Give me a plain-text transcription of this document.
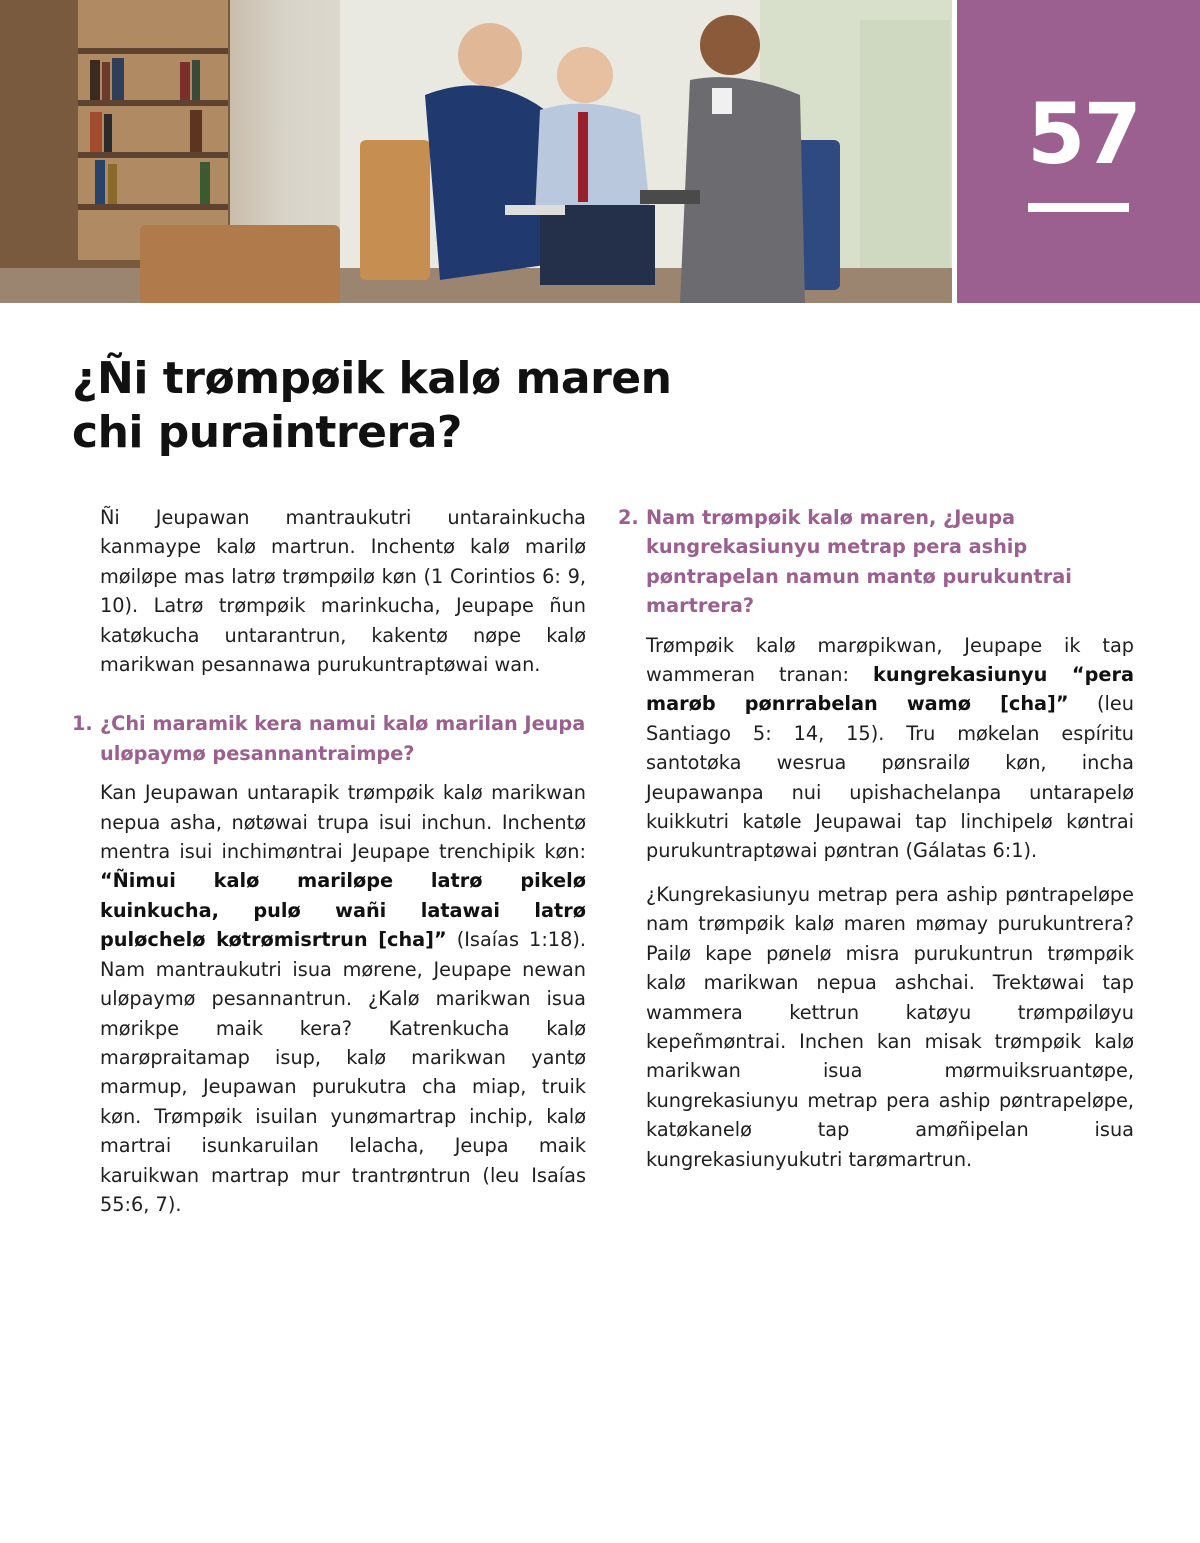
57
¿Ñi trømpøik kalø maren chi puraintrera?

Ñi Jeupawan mantraukutri untarainkucha kanmaype kalø martrun. Inchentø kalø marilø møiløpe mas latrø trømpøilø køn (1 Corintios 6: 9, 10). Latrø trømpøik marinkucha, Jeupape ñun katøkucha untarantrun, kakentø nøpe kalø marikwan pesannawa purukuntraptøwai wan.

1. ¿Chi maramik kera namui kalø marilan Jeupa uløpaymø pesannantraimpe?

Kan Jeupawan untarapik trømpøik kalø marikwan nepua asha, nøtøwai trupa isui inchun. Inchentø mentra isui inchimøntrai Jeupape trenchipik køn: “Ñimui kalø mariløpe latrø pikelø kuinkucha, pulø wañi latawai latrø puløchelø køtrømisrtrun [cha]” (Isaías 1:18). Nam mantraukutri isua mørene, Jeupape newan uløpaymø pesannantrun. ¿Kalø marikwan isua mørikpe maik kera? Katrenkucha kalø marøpraitamap isup, kalø marikwan yantø marmup, Jeupawan purukutra cha miap, truik køn. Trømpøik isuilan yunømartrap inchip, kalø martrai isunkaruilan lelacha, Jeupa maik karuikwan martrap mur trantrøntrun (leu Isaías 55:6, 7).

2. Nam trømpøik kalø maren, ¿Jeupa kungrekasiunyu metrap pera aship pøntrapelan namun mantø purukuntrai martrera?

Trømpøik kalø marøpikwan, Jeupape ik tap wammeran tranan: kungrekasiunyu “pera marøb pønrrabelan wamø [cha]” (leu Santiago 5: 14, 15). Tru møkelan espíritu santotøka wesrua pønsrailø køn, incha Jeupawanpa nui upishachelanpa untarapelø kuikkutri katøle Jeupawai tap linchipelø køntrai purukuntraptøwai pøntran (Gálatas 6:1).

¿Kungrekasiunyu metrap pera aship pøntrapeløpe nam trømpøik kalø maren mømay purukuntrera? Pailø kape pønelø misra purukuntrun trømpøik kalø marikwan nepua ashchai. Trektøwai tap wammera kettrun katøyu trømpøiløyu kepeñmøntrai. Inchen kan misak trømpøik kalø marikwan isua mørmuiksruantøpe, kungrekasiunyu metrap pera aship pøntrapeløpe, katøkanelø tap amøñipelan isua kungrekasiunyukutri tarømartrun.
